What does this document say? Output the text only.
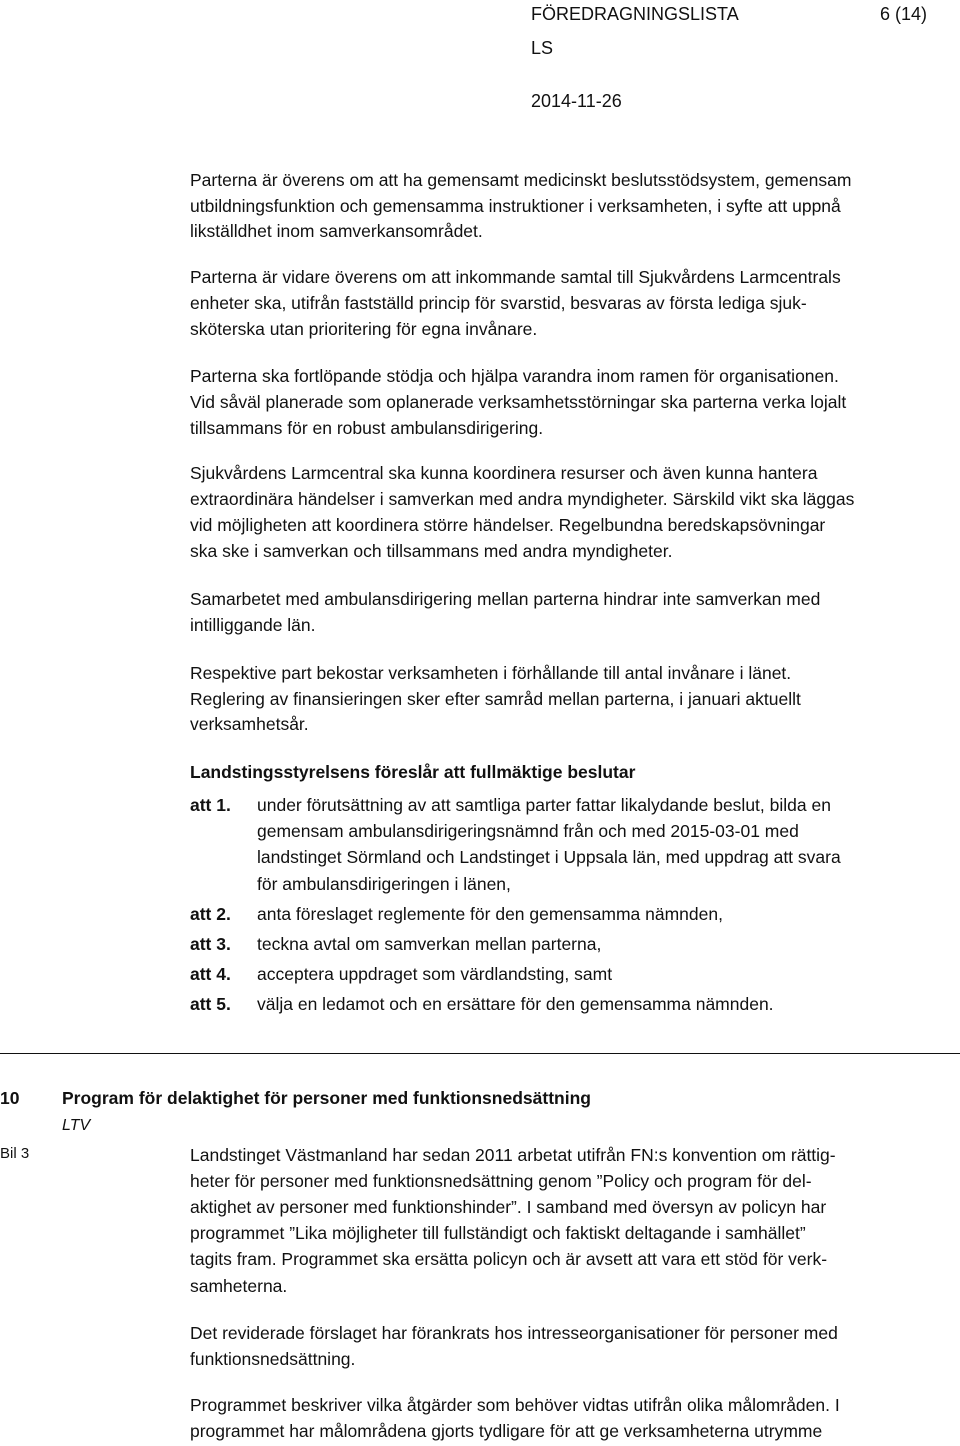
FÖREDRAGNINGSLISTA	6 (14)
LS
2014-11-26
Parterna är överens om att ha gemensamt medicinskt beslutsstödsystem, gemensam
utbildningsfunktion och gemensamma instruktioner i verksamheten, i syfte att uppnå
likställdhet inom samverkansområdet.
Parterna är vidare överens om att inkommande samtal till Sjukvårdens Larmcentrals
enheter ska, utifrån fastställd princip för svarstid, besvaras av första lediga sjuk-
sköterska utan prioritering för egna invånare.
Parterna ska fortlöpande stödja och hjälpa varandra inom ramen för organisationen.
Vid såväl planerade som oplanerade verksamhetsstörningar ska parterna verka lojalt
tillsammans för en robust ambulansdirigering.
Sjukvårdens Larmcentral ska kunna koordinera resurser och även kunna hantera
extraordinära händelser i samverkan med andra myndigheter. Särskild vikt ska läggas
vid möjligheten att koordinera större händelser. Regelbundna beredskapsövningar
ska ske i samverkan och tillsammans med andra myndigheter.
Samarbetet med ambulansdirigering mellan parterna hindrar inte samverkan med
intilliggande län.
Respektive part bekostar verksamheten i förhållande till antal invånare i länet.
Reglering av finansieringen sker efter samråd mellan parterna, i januari aktuellt
verksamhetsår.
Landstingsstyrelsens föreslår att fullmäktige beslutar
att 1. under förutsättning av att samtliga parter fattar likalydande beslut, bilda en
gemensam ambulansdirigeringsnämnd från och med 2015-03-01 med
landstinget Sörmland och Landstinget i Uppsala län, med uppdrag att svara
för ambulansdirigeringen i länen,
att 2. anta föreslaget reglemente för den gemensamma nämnden,
att 3. teckna avtal om samverkan mellan parterna,
att 4. acceptera uppdraget som värdlandsting, samt
att 5. välja en ledamot och en ersättare för den gemensamma nämnden.
10 Program för delaktighet för personer med funktionsnedsättning
LTV
Bil 3	Landstinget Västmanland har sedan 2011 arbetat utifrån FN:s konvention om rättig-
heter för personer med funktionsnedsättning genom ”Policy och program för del-
aktighet av personer med funktionshinder”. I samband med översyn av policyn har
programmet ”Lika möjligheter till fullständigt och faktiskt deltagande i samhället”
tagits fram. Programmet ska ersätta policyn och är avsett att vara ett stöd för verk-
samheterna.
Det reviderade förslaget har förankrats hos intresseorganisationer för personer med
funktionsnedsättning.
Programmet beskriver vilka åtgärder som behöver vidtas utifrån olika målområden. I
programmet har målområdena gjorts tydligare för att ge verksamheterna utrymme
